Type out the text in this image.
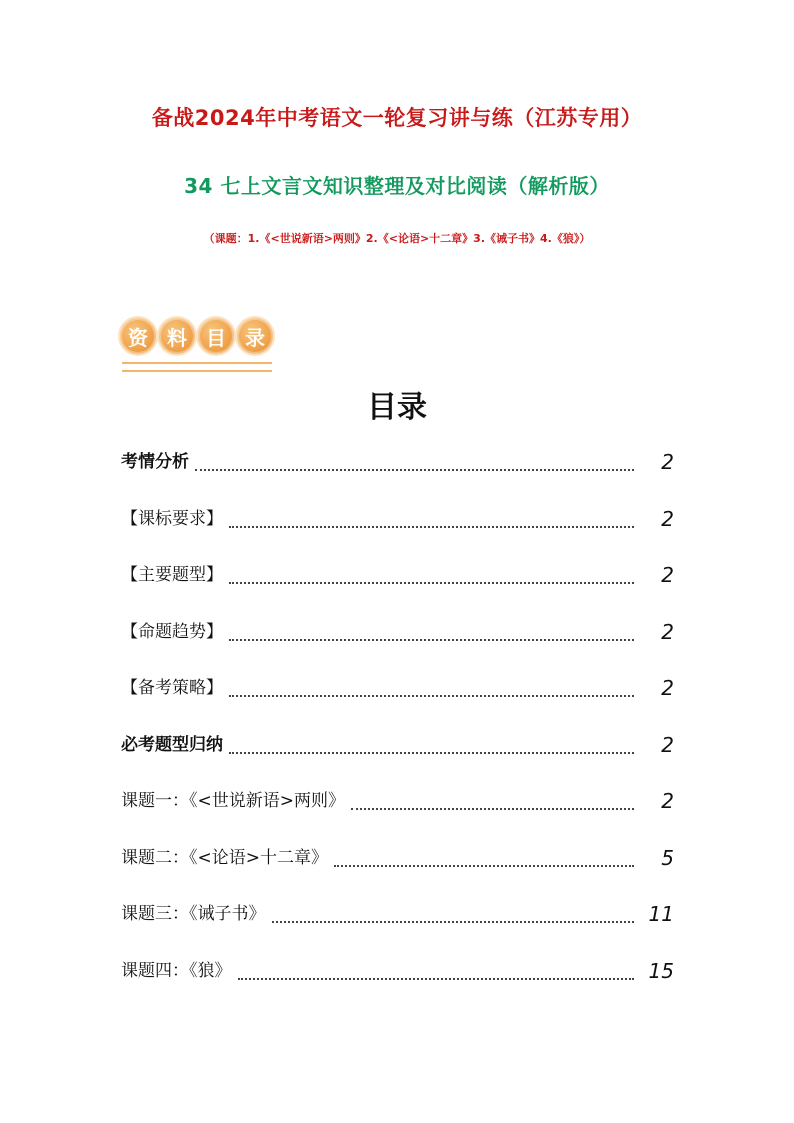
备战2024年中考语文一轮复习讲与练（江苏专用）
34 七上文言文知识整理及对比阅读（解析版）
（课题：1.《<世说新语>两则》2.《<论语>十二章》3.《诫子书》4.《狼》）
资 料 目 录
目录
考情分析	2
【课标要求】	2
【主要题型】	2
【命题趋势】	2
【备考策略】	2
必考题型归纳	2
课题一：《<世说新语>两则》	2
课题二：《<论语>十二章》	5
课题三：《诫子书》	11
课题四：《狼》	15
